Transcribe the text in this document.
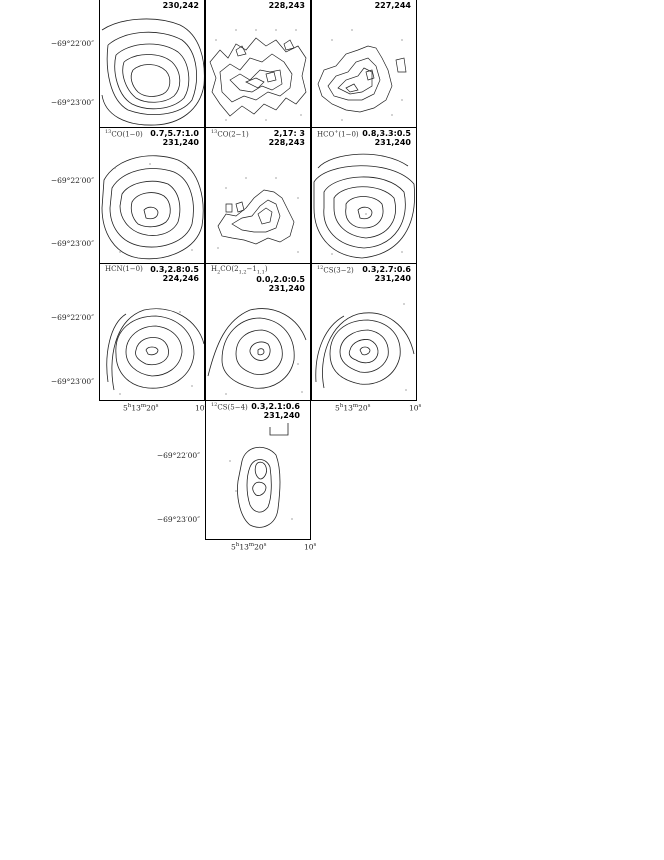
230,242	228,243	227,244
−69°22′00″
−69°23′00″
$^{13}$CO(1−0) 0.7,5.7:1.0
231,240
$^{13}$CO(2−1)	2,17: 3
228,243
HCO+(1−0) 0.8,3.3:0.5
231,240
−69°22′00″
−69°23′00″
HCN(1−0) 0.3,2.8:0.5
224,246
$H_2CO(2_{1,2}-1_{1,1})$
0.0,2.0:0.5
231,240
$^{12}$CS(3−2) 0.3,2.7:0.6
231,240
−69°22′00″
−69°23′00″
5$^h$13$^m$20$^s$	10	5$^h$13$^m$20$^s$	10$^s$
$^{12}$CS(5−4) 0.3,2.1:0.6
231,240
−69°22′00″
−69°23′00″
5$^h$13$^m$20$^s$	10$^s$
